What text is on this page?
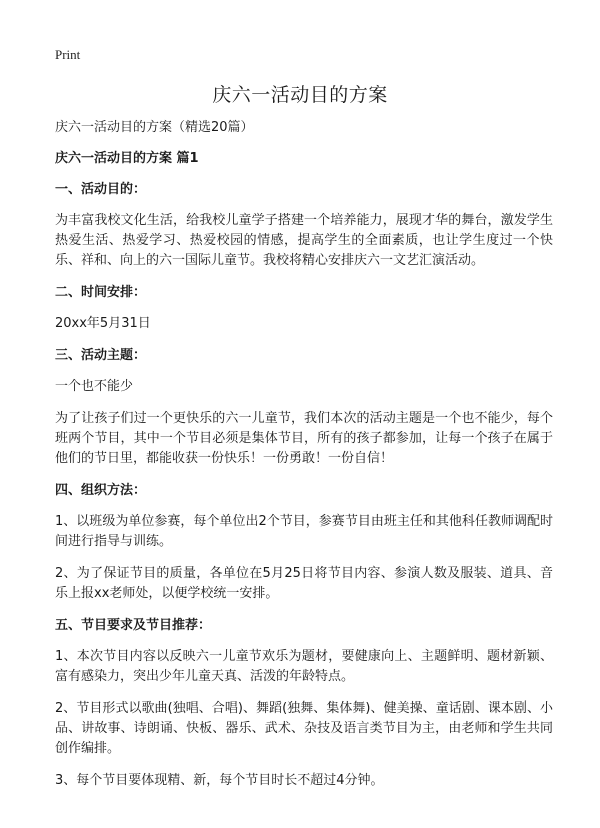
Print
庆六一活动目的方案

庆六一活动目的方案（精选20篇）

庆六一活动目的方案 篇1

一、活动目的：

为丰富我校文化生活，给我校儿童学子搭建一个培养能力，展现才华的舞台，激发学生热爱生活、热爱学习、热爱校园的情感，提高学生的全面素质，也让学生度过一个快乐、祥和、向上的六一国际儿童节。我校将精心安排庆六一文艺汇演活动。

二、时间安排：

20xx年5月31日

三、活动主题：

一个也不能少

为了让孩子们过一个更快乐的六一儿童节，我们本次的活动主题是一个也不能少，每个班两个节目，其中一个节目必须是集体节目，所有的孩子都参加，让每一个孩子在属于他们的节日里，都能收获一份快乐！一份勇敢！一份自信！

四、组织方法：

1、以班级为单位参赛，每个单位出2个节目，参赛节目由班主任和其他科任教师调配时间进行指导与训练。

2、为了保证节目的质量，各单位在5月25日将节目内容、参演人数及服装、道具、音乐上报xx老师处，以便学校统一安排。

五、节目要求及节目推荐：

1、本次节目内容以反映六一儿童节欢乐为题材，要健康向上、主题鲜明、题材新颖、富有感染力，突出少年儿童天真、活泼的年龄特点。

2、节目形式以歌曲(独唱、合唱)、舞蹈(独舞、集体舞)、健美操、童话剧、课本剧、小品、讲故事、诗朗诵、快板、器乐、武术、杂技及语言类节目为主，由老师和学生共同创作编排。

3、每个节目要体现精、新，每个节目时长不超过4分钟。
